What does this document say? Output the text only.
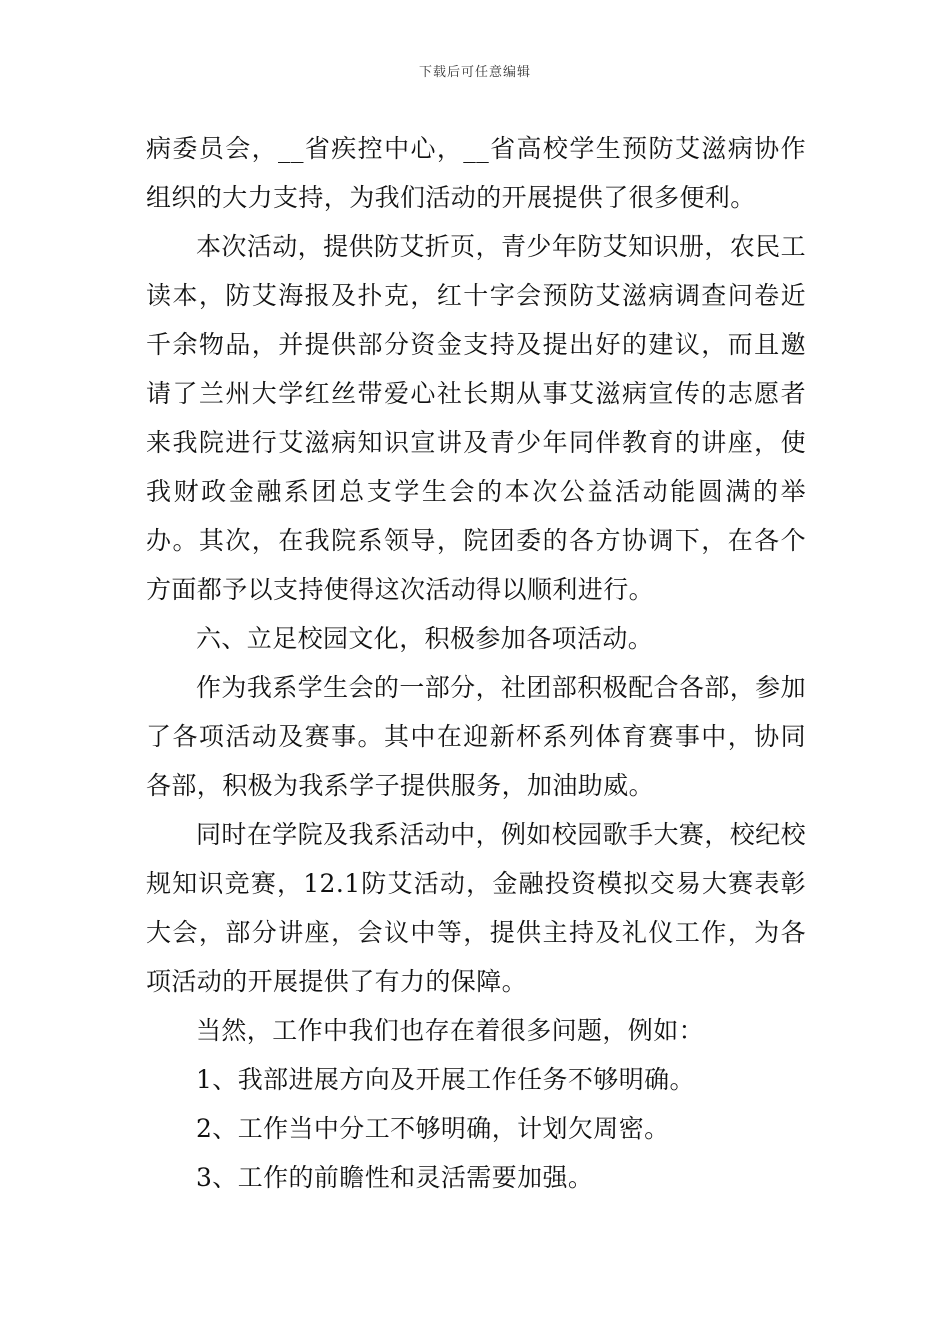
下载后可任意编辑

病委员会，__省疾控中心，__省高校学生预防艾滋病协作组织的大力支持，为我们活动的开展提供了很多便利。

本次活动，提供防艾折页，青少年防艾知识册，农民工读本，防艾海报及扑克，红十字会预防艾滋病调查问卷近千余物品，并提供部分资金支持及提出好的建议，而且邀请了兰州大学红丝带爱心社长期从事艾滋病宣传的志愿者来我院进行艾滋病知识宣讲及青少年同伴教育的讲座，使我财政金融系团总支学生会的本次公益活动能圆满的举办。其次，在我院系领导，院团委的各方协调下，在各个方面都予以支持使得这次活动得以顺利进行。

六、立足校园文化，积极参加各项活动。

作为我系学生会的一部分，社团部积极配合各部，参加了各项活动及赛事。其中在迎新杯系列体育赛事中，协同各部，积极为我系学子提供服务，加油助威。

同时在学院及我系活动中，例如校园歌手大赛，校纪校规知识竞赛，12.1防艾活动，金融投资模拟交易大赛表彰大会，部分讲座，会议中等，提供主持及礼仪工作，为各项活动的开展提供了有力的保障。

当然，工作中我们也存在着很多问题，例如：

1、我部进展方向及开展工作任务不够明确。

2、工作当中分工不够明确，计划欠周密。

3、工作的前瞻性和灵活需要加强。
